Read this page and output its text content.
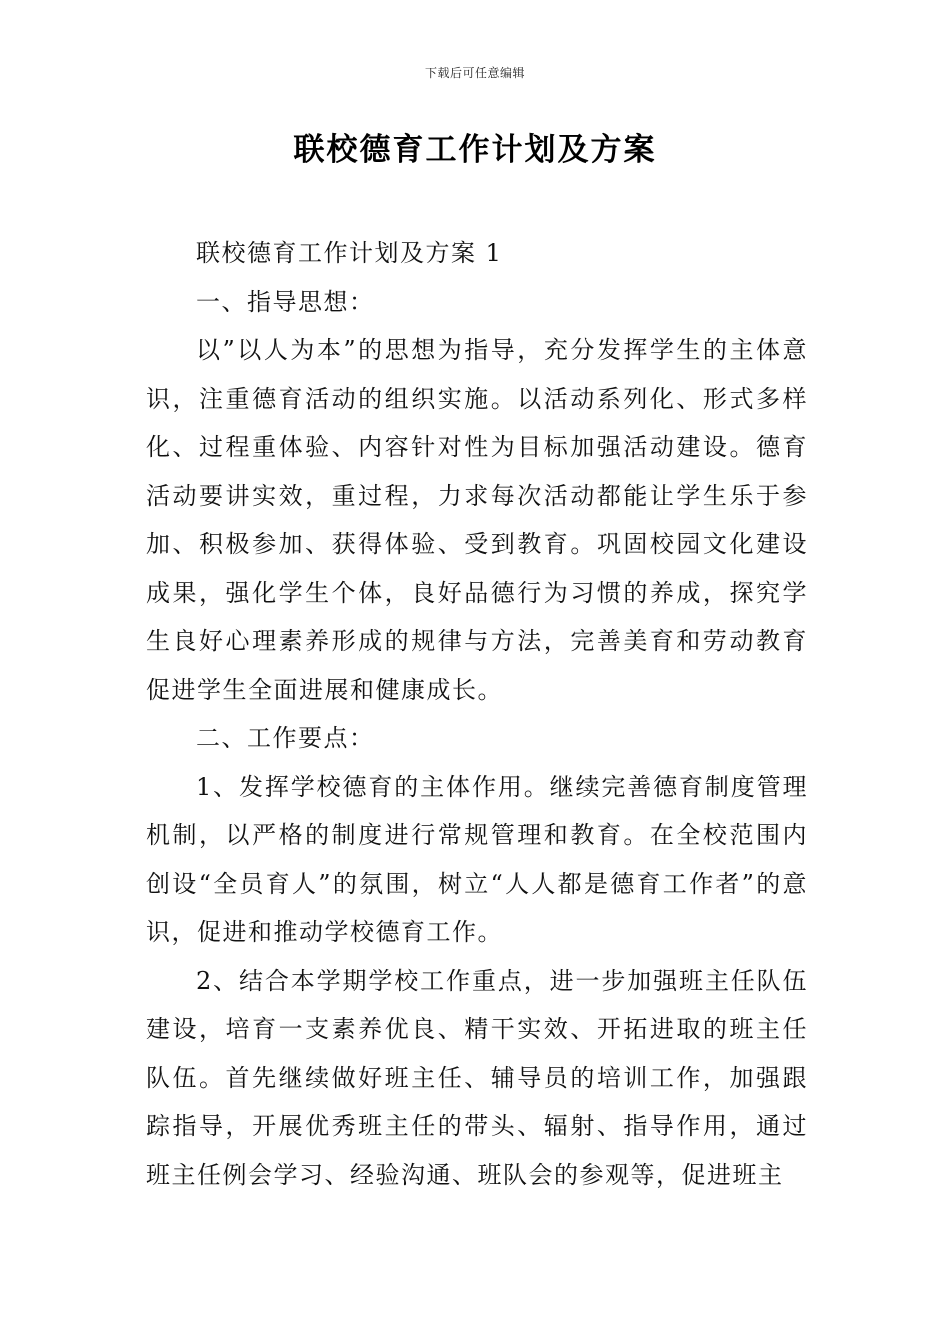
下载后可任意编辑
联校德育工作计划及方案

联校德育工作计划及方案 1

一、指导思想：

以”以人为本”的思想为指导，充分发挥学生的主体意识，注重德育活动的组织实施。以活动系列化、形式多样化、过程重体验、内容针对性为目标加强活动建设。德育活动要讲实效，重过程，力求每次活动都能让学生乐于参加、积极参加、获得体验、受到教育。巩固校园文化建设成果，强化学生个体，良好品德行为习惯的养成，探究学生良好心理素养形成的规律与方法，完善美育和劳动教育促进学生全面进展和健康成长。

二、工作要点：

1、发挥学校德育的主体作用。继续完善德育制度管理机制，以严格的制度进行常规管理和教育。在全校范围内创设“全员育人”的氛围，树立“人人都是德育工作者”的意识，促进和推动学校德育工作。

2、结合本学期学校工作重点，进一步加强班主任队伍建设，培育一支素养优良、精干实效、开拓进取的班主任队伍。首先继续做好班主任、辅导员的培训工作，加强跟踪指导，开展优秀班主任的带头、辐射、指导作用，通过班主任例会学习、经验沟通、班队会的参观等，促进班主
